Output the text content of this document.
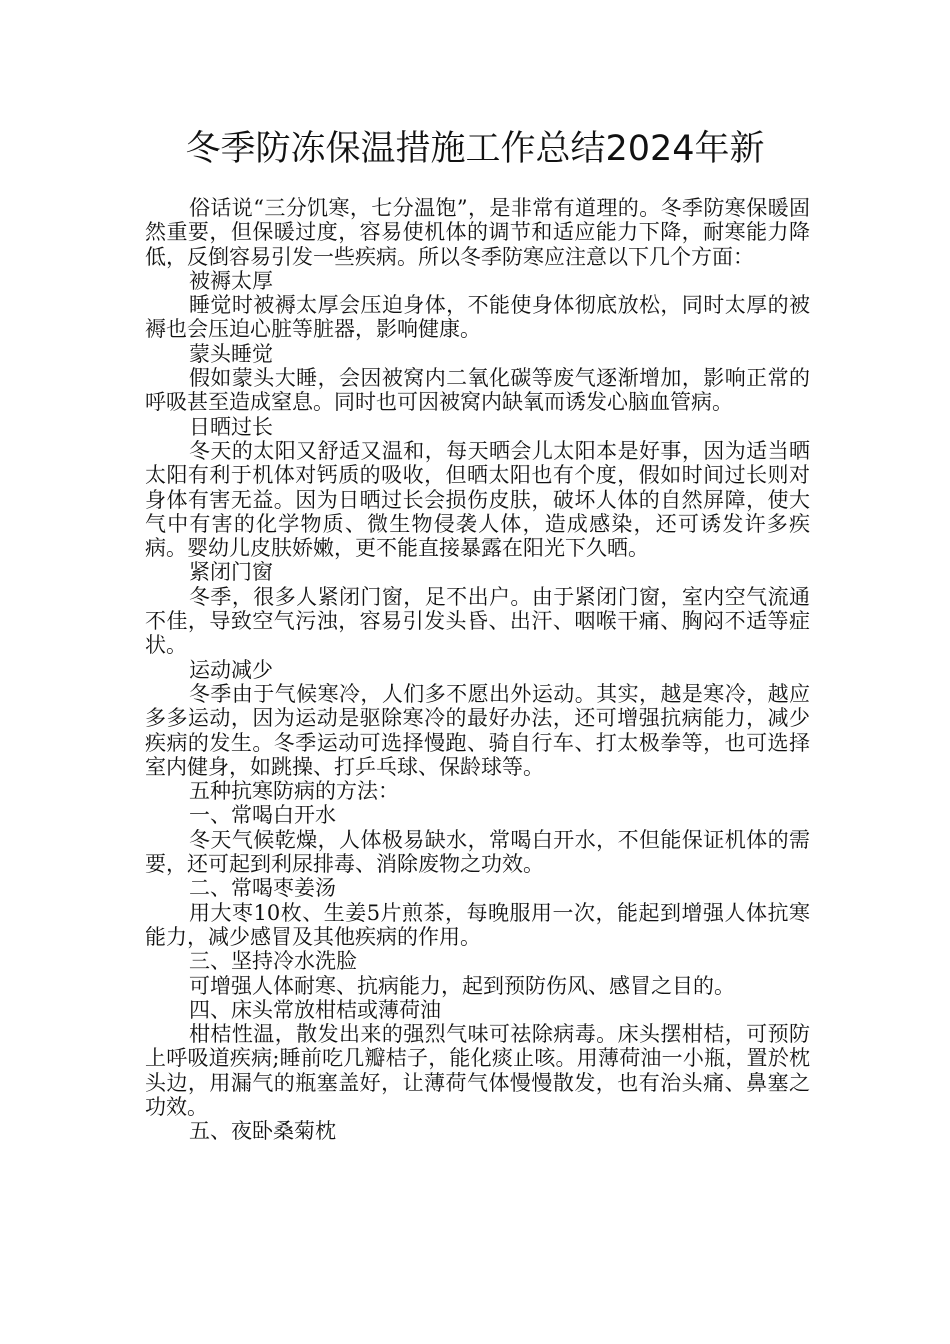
冬季防冻保温措施工作总结2024年新

俗话说“三分饥寒，七分温饱”，是非常有道理的。冬季防寒保暖固然重要，但保暖过度，容易使机体的调节和适应能力下降，耐寒能力降低，反倒容易引发一些疾病。所以冬季防寒应注意以下几个方面：

被褥太厚

睡觉时被褥太厚会压迫身体，不能使身体彻底放松，同时太厚的被褥也会压迫心脏等脏器，影响健康。

蒙头睡觉

假如蒙头大睡，会因被窝内二氧化碳等废气逐渐增加，影响正常的呼吸甚至造成窒息。同时也可因被窝内缺氧而诱发心脑血管病。

日晒过长

冬天的太阳又舒适又温和，每天晒会儿太阳本是好事，因为适当晒太阳有利于机体对钙质的吸收，但晒太阳也有个度，假如时间过长则对身体有害无益。因为日晒过长会损伤皮肤，破坏人体的自然屏障，使大气中有害的化学物质、微生物侵袭人体，造成感染，还可诱发许多疾病。婴幼儿皮肤娇嫩，更不能直接暴露在阳光下久晒。

紧闭门窗

冬季，很多人紧闭门窗，足不出户。由于紧闭门窗，室内空气流通不佳，导致空气污浊，容易引发头昏、出汗、咽喉干痛、胸闷不适等症状。

运动减少

冬季由于气候寒冷，人们多不愿出外运动。其实，越是寒冷，越应多多运动，因为运动是驱除寒冷的最好办法，还可增强抗病能力，减少疾病的发生。冬季运动可选择慢跑、骑自行车、打太极拳等，也可选择室内健身，如跳操、打乒乓球、保龄球等。

五种抗寒防病的方法：

一、常喝白开水

冬天气候乾燥，人体极易缺水，常喝白开水，不但能保证机体的需要，还可起到利尿排毒、消除废物之功效。

二、常喝枣姜汤

用大枣10枚、生姜5片煎茶，每晚服用一次，能起到增强人体抗寒能力，减少感冒及其他疾病的作用。

三、坚持冷水洗脸

可增强人体耐寒、抗病能力，起到预防伤风、感冒之目的。

四、床头常放柑桔或薄荷油

柑桔性温，散发出来的强烈气味可祛除病毒。床头摆柑桔，可预防上呼吸道疾病;睡前吃几瓣桔子，能化痰止咳。用薄荷油一小瓶，置於枕头边，用漏气的瓶塞盖好，让薄荷气体慢慢散发，也有治头痛、鼻塞之功效。

五、夜卧桑菊枕
